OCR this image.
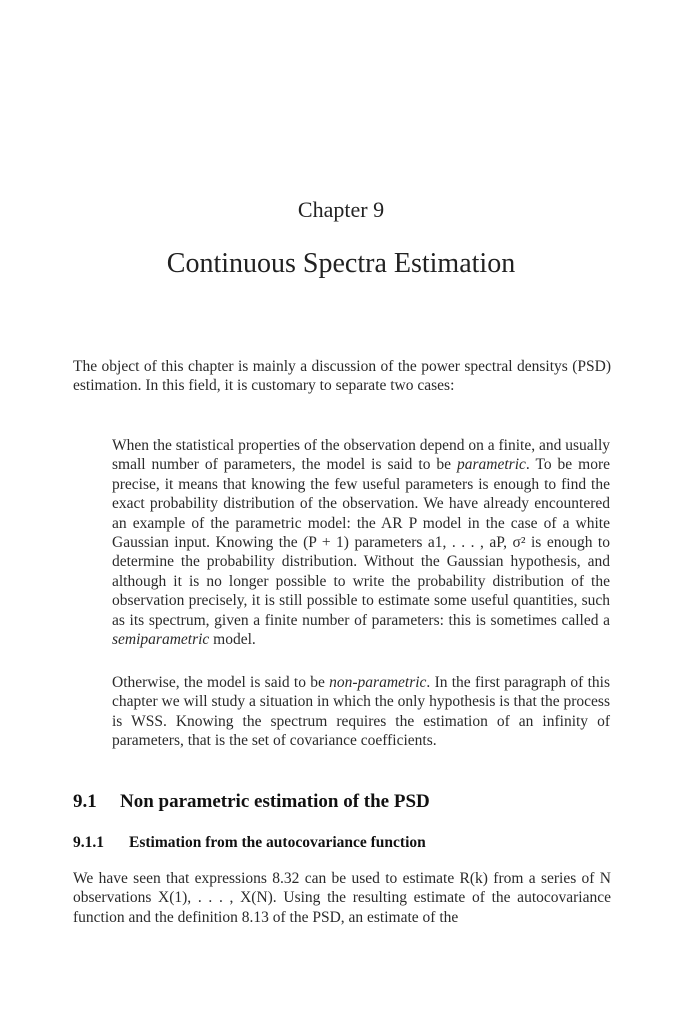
Chapter 9
Continuous Spectra Estimation

The object of this chapter is mainly a discussion of the power spectral densitys (PSD) estimation. In this field, it is customary to separate two cases:

When the statistical properties of the observation depend on a finite, and usually small number of parameters, the model is said to be parametric. To be more precise, it means that knowing the few useful parameters is enough to find the exact probability distribution of the observation. We have already encountered an example of the parametric model: the AR P model in the case of a white Gaussian input. Knowing the (P + 1) parameters a1, . . . , aP, σ² is enough to determine the probability distribution. Without the Gaussian hypothesis, and although it is no longer possible to write the probability distribution of the observation precisely, it is still possible to estimate some useful quantities, such as its spectrum, given a finite number of parameters: this is sometimes called a semiparametric model.

Otherwise, the model is said to be non-parametric. In the first paragraph of this chapter we will study a situation in which the only hypothesis is that the process is WSS. Knowing the spectrum requires the estimation of an infinity of parameters, that is the set of covariance coefficients.

9.1 Non parametric estimation of the PSD
9.1.1 Estimation from the autocovariance function

We have seen that expressions 8.32 can be used to estimate R(k) from a series of N observations X(1), . . . , X(N). Using the resulting estimate of the autocovariance function and the definition 8.13 of the PSD, an estimate of the
